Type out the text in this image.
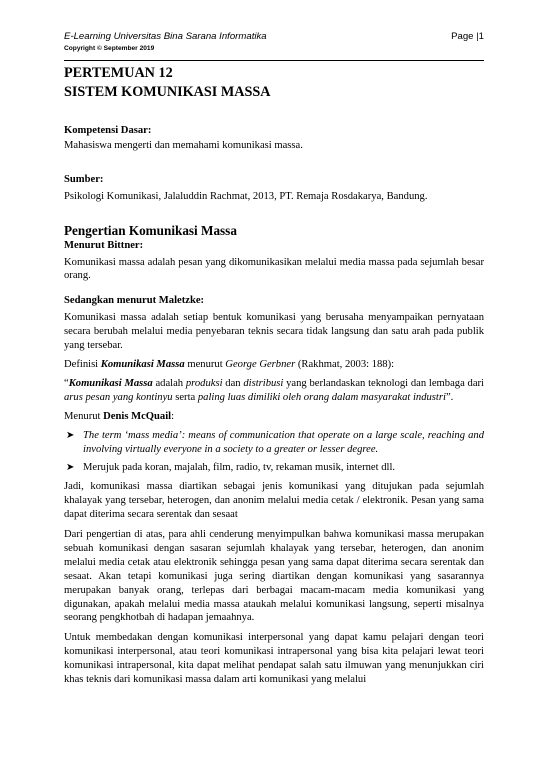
E-Learning Universitas Bina Sarana Informatika	Page |1
Copyright © September 2019

PERTEMUAN 12

SISTEM KOMUNIKASI MASSA

Kompetensi Dasar:

Mahasiswa mengerti dan memahami komunikasi massa.

Sumber:

Psikologi Komunikasi, Jalaluddin Rachmat, 2013, PT. Remaja Rosdakarya, Bandung.

Pengertian Komunikasi Massa

Menurut Bittner:

Komunikasi massa adalah pesan yang dikomunikasikan melalui media massa pada sejumlah besar orang.

Sedangkan menurut Maletzke:

Komunikasi massa adalah setiap bentuk komunikasi yang berusaha menyampaikan pernyataan secara berubah melalui media penyebaran teknis secara tidak langsung dan satu arah pada publik yang tersebar.

Definisi Komunikasi Massa menurut George Gerbner (Rakhmat, 2003: 188):

“Komunikasi Massa adalah produksi dan distribusi yang berlandaskan teknologi dan lembaga dari arus pesan yang kontinyu serta paling luas dimiliki oleh orang dalam masyarakat industri”.

Menurut Denis McQuail:

➤ The term ‘mass media’: means of communication that operate on a large scale, reaching and involving virtually everyone in a society to a greater or lesser degree.
➤ Merujuk pada koran, majalah, film, radio, tv, rekaman musik, internet dll.

Jadi, komunikasi massa diartikan sebagai jenis komunikasi yang ditujukan pada sejumlah khalayak yang tersebar, heterogen, dan anonim melalui media cetak / elektronik. Pesan yang sama dapat diterima secara serentak dan sesaat

Dari pengertian di atas, para ahli cenderung menyimpulkan bahwa komunikasi massa merupakan sebuah komunikasi dengan sasaran sejumlah khalayak yang tersebar, heterogen, dan anonim melalui media cetak atau elektronik sehingga pesan yang sama dapat diterima secara serentak dan sesaat. Akan tetapi komunikasi juga sering diartikan dengan komunikasi yang sasarannya merupakan banyak orang, terlepas dari berbagai macam-macam media komunikasi yang digunakan, apakah melalui media massa ataukah melalui komunikasi langsung, seperti misalnya seorang pengkhotbah di hadapan jemaahnya.

Untuk membedakan dengan komunikasi interpersonal yang dapat kamu pelajari dengan teori komunikasi interpersonal, atau teori komunikasi intrapersonal yang bisa kita pelajari lewat teori komunikasi intrapersonal, kita dapat melihat pendapat salah satu ilmuwan yang menunjukkan ciri khas teknis dari komunikasi massa dalam arti komunikasi yang melalui
